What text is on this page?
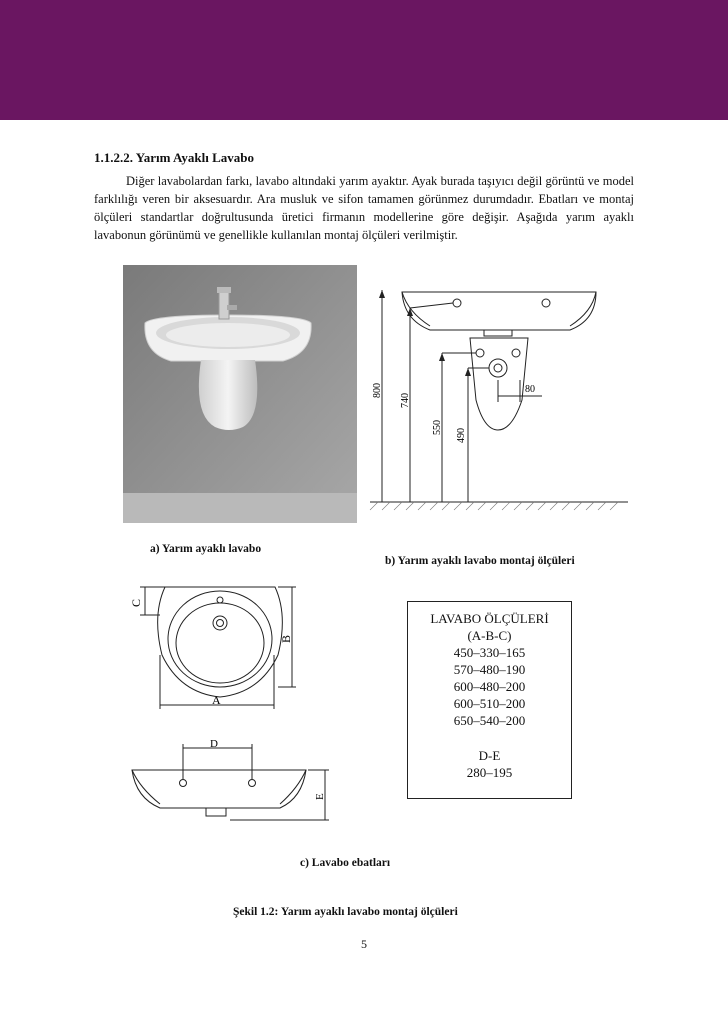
1.1.2.2. Yarım Ayaklı Lavabo

Diğer lavabolardan farkı, lavabo altındaki yarım ayaktır. Ayak burada taşıyıcı değil görüntü ve model farklılığı veren bir aksesuardır. Ara musluk ve sifon tamamen görünmez durumdadır. Ebatları ve montaj ölçüleri standartlar doğrultusunda üretici firmanın modellerine göre değişir. Aşağıda yarım ayaklı lavabonun görünümü ve genellikle kullanılan montaj ölçüleri verilmiştir.

a) Yarım ayaklı lavabo
800
740
550
490
80
b) Yarım ayaklı lavabo montaj ölçüleri
A
B
C
D
E
LAVABO ÖLÇÜLERİ
(A-B-C)
450–330–165
570–480–190
600–480–200
600–510–200
650–540–200
D-E
280–195
c) Lavabo ebatları
Şekil 1.2: Yarım ayaklı lavabo montaj ölçüleri
5
